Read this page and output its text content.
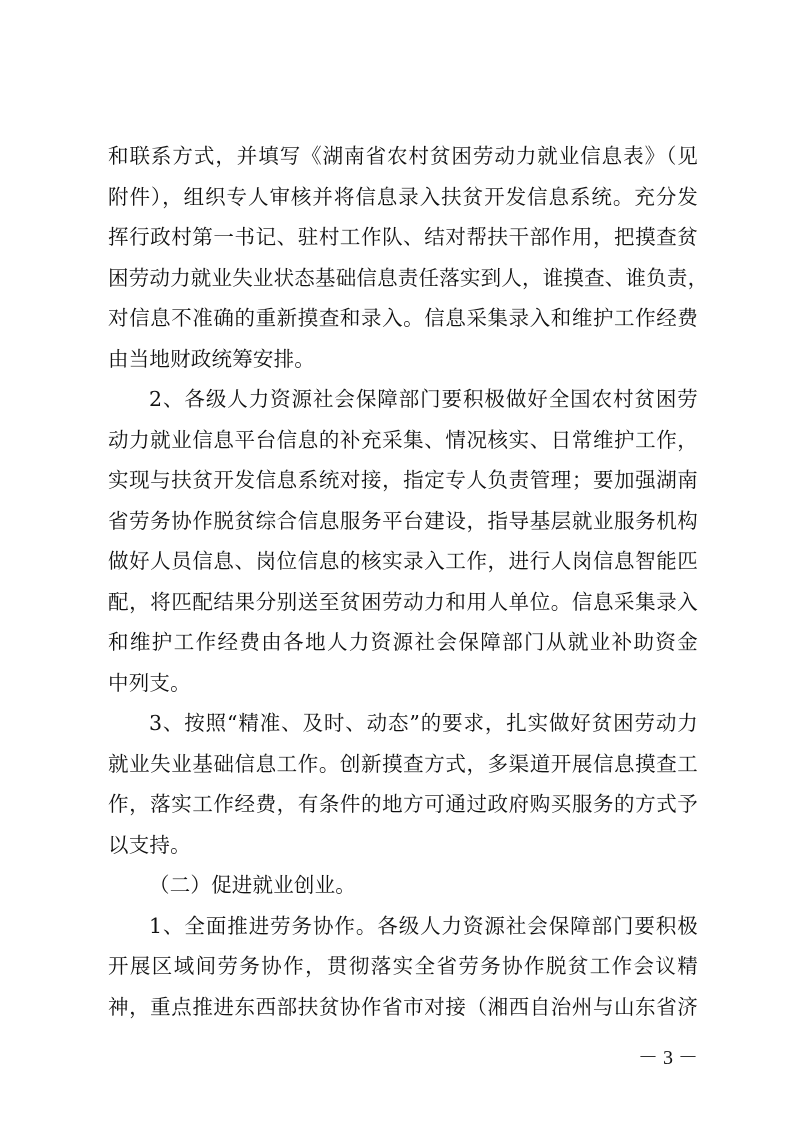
和联系方式，并填写《湖南省农村贫困劳动力就业信息表》（见
附件），组织专人审核并将信息录入扶贫开发信息系统。充分发
挥行政村第一书记、驻村工作队、结对帮扶干部作用，把摸查贫
困劳动力就业失业状态基础信息责任落实到人，谁摸查、谁负责，
对信息不准确的重新摸查和录入。信息采集录入和维护工作经费
由当地财政统筹安排。
2、各级人力资源社会保障部门要积极做好全国农村贫困劳
动力就业信息平台信息的补充采集、情况核实、日常维护工作，
实现与扶贫开发信息系统对接，指定专人负责管理；要加强湖南
省劳务协作脱贫综合信息服务平台建设，指导基层就业服务机构
做好人员信息、岗位信息的核实录入工作，进行人岗信息智能匹
配，将匹配结果分别送至贫困劳动力和用人单位。信息采集录入
和维护工作经费由各地人力资源社会保障部门从就业补助资金
中列支。
3、按照“精准、及时、动态”的要求，扎实做好贫困劳动力
就业失业基础信息工作。创新摸查方式，多渠道开展信息摸查工
作，落实工作经费，有条件的地方可通过政府购买服务的方式予
以支持。
（二）促进就业创业。
1、全面推进劳务协作。各级人力资源社会保障部门要积极
开展区域间劳务协作，贯彻落实全省劳务协作脱贫工作会议精
神，重点推进东西部扶贫协作省市对接（湘西自治州与山东省济
－ 3 －
